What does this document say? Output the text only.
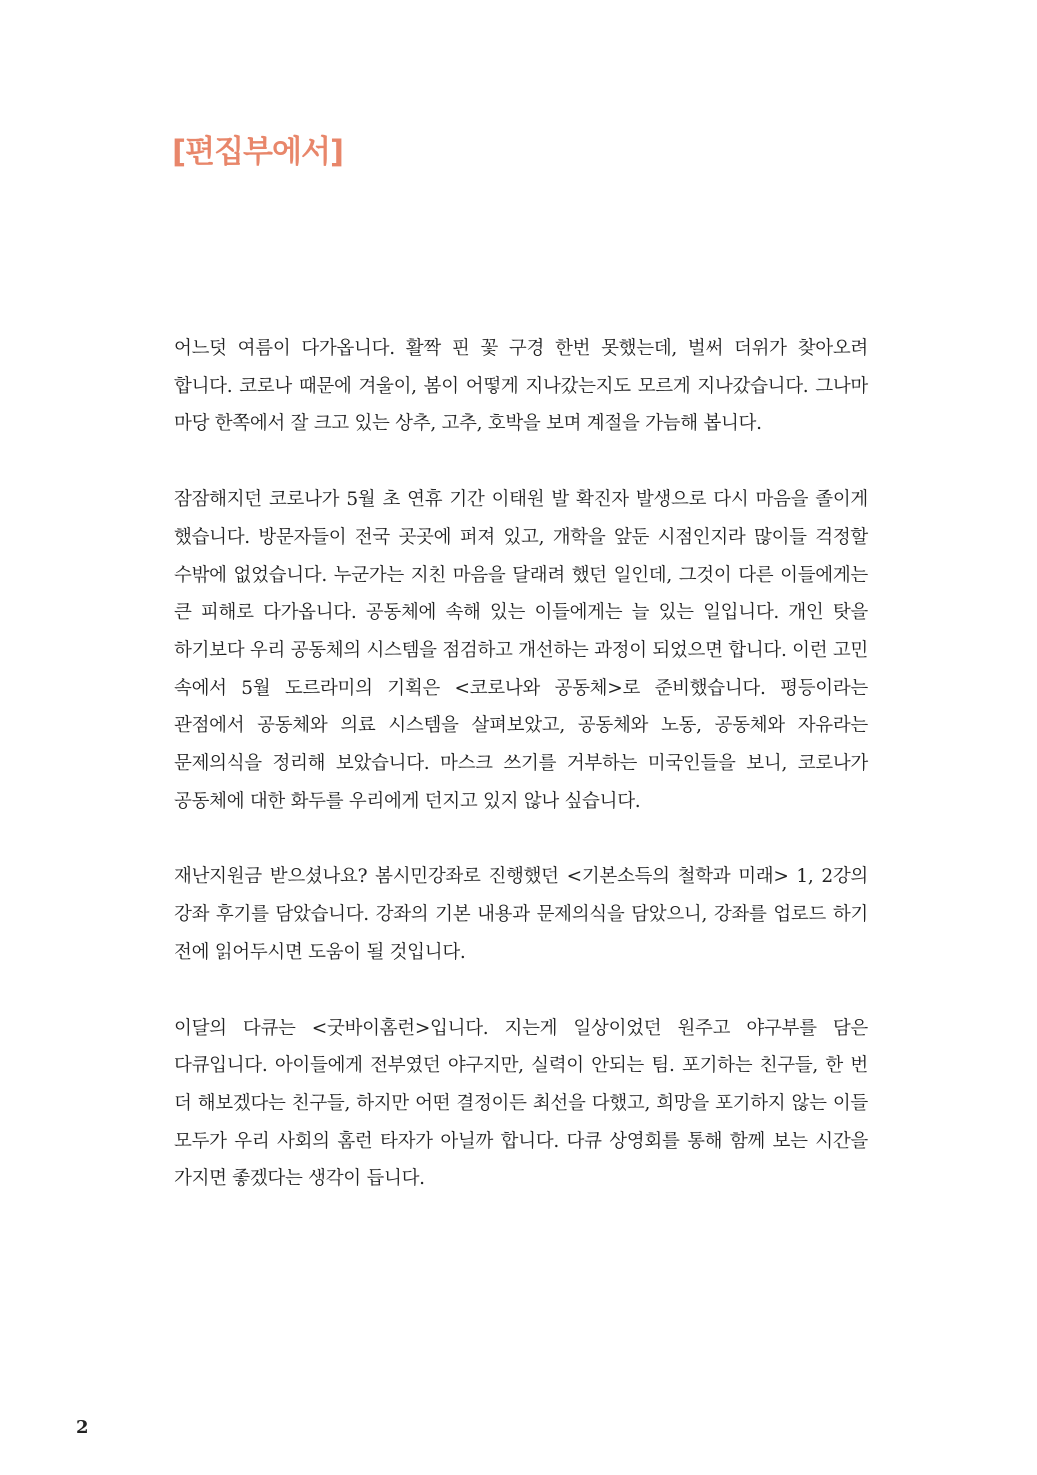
[편집부에서]

어느덧 여름이 다가옵니다. 활짝 핀 꽃 구경 한번 못했는데, 벌써 더위가 찾아오려 합니다. 코로나 때문에 겨울이, 봄이 어떻게 지나갔는지도 모르게 지나갔습니다. 그나마 마당 한쪽에서 잘 크고 있는 상추, 고추, 호박을 보며 계절을 가늠해 봅니다.

잠잠해지던 코로나가 5월 초 연휴 기간 이태원 발 확진자 발생으로 다시 마음을 졸이게 했습니다. 방문자들이 전국 곳곳에 퍼져 있고, 개학을 앞둔 시점인지라 많이들 걱정할 수밖에 없었습니다. 누군가는 지친 마음을 달래려 했던 일인데, 그것이 다른 이들에게는 큰 피해로 다가옵니다. 공동체에 속해 있는 이들에게는 늘 있는 일입니다. 개인 탓을 하기보다 우리 공동체의 시스템을 점검하고 개선하는 과정이 되었으면 합니다. 이런 고민 속에서 5월 도르라미의 기획은 <코로나와 공동체>로 준비했습니다. 평등이라는 관점에서 공동체와 의료 시스템을 살펴보았고, 공동체와 노동, 공동체와 자유라는 문제의식을 정리해 보았습니다. 마스크 쓰기를 거부하는 미국인들을 보니, 코로나가 공동체에 대한 화두를 우리에게 던지고 있지 않나 싶습니다.

재난지원금 받으셨나요? 봄시민강좌로 진행했던 <기본소득의 철학과 미래> 1, 2강의 강좌 후기를 담았습니다. 강좌의 기본 내용과 문제의식을 담았으니, 강좌를 업로드 하기 전에 읽어두시면 도움이 될 것입니다.

이달의 다큐는 <굿바이홈런>입니다. 지는게 일상이었던 원주고 야구부를 담은 다큐입니다. 아이들에게 전부였던 야구지만, 실력이 안되는 팀. 포기하는 친구들, 한 번 더 해보겠다는 친구들, 하지만 어떤 결정이든 최선을 다했고, 희망을 포기하지 않는 이들 모두가 우리 사회의 홈런 타자가 아닐까 합니다. 다큐 상영회를 통해 함께 보는 시간을 가지면 좋겠다는 생각이 듭니다.

2
